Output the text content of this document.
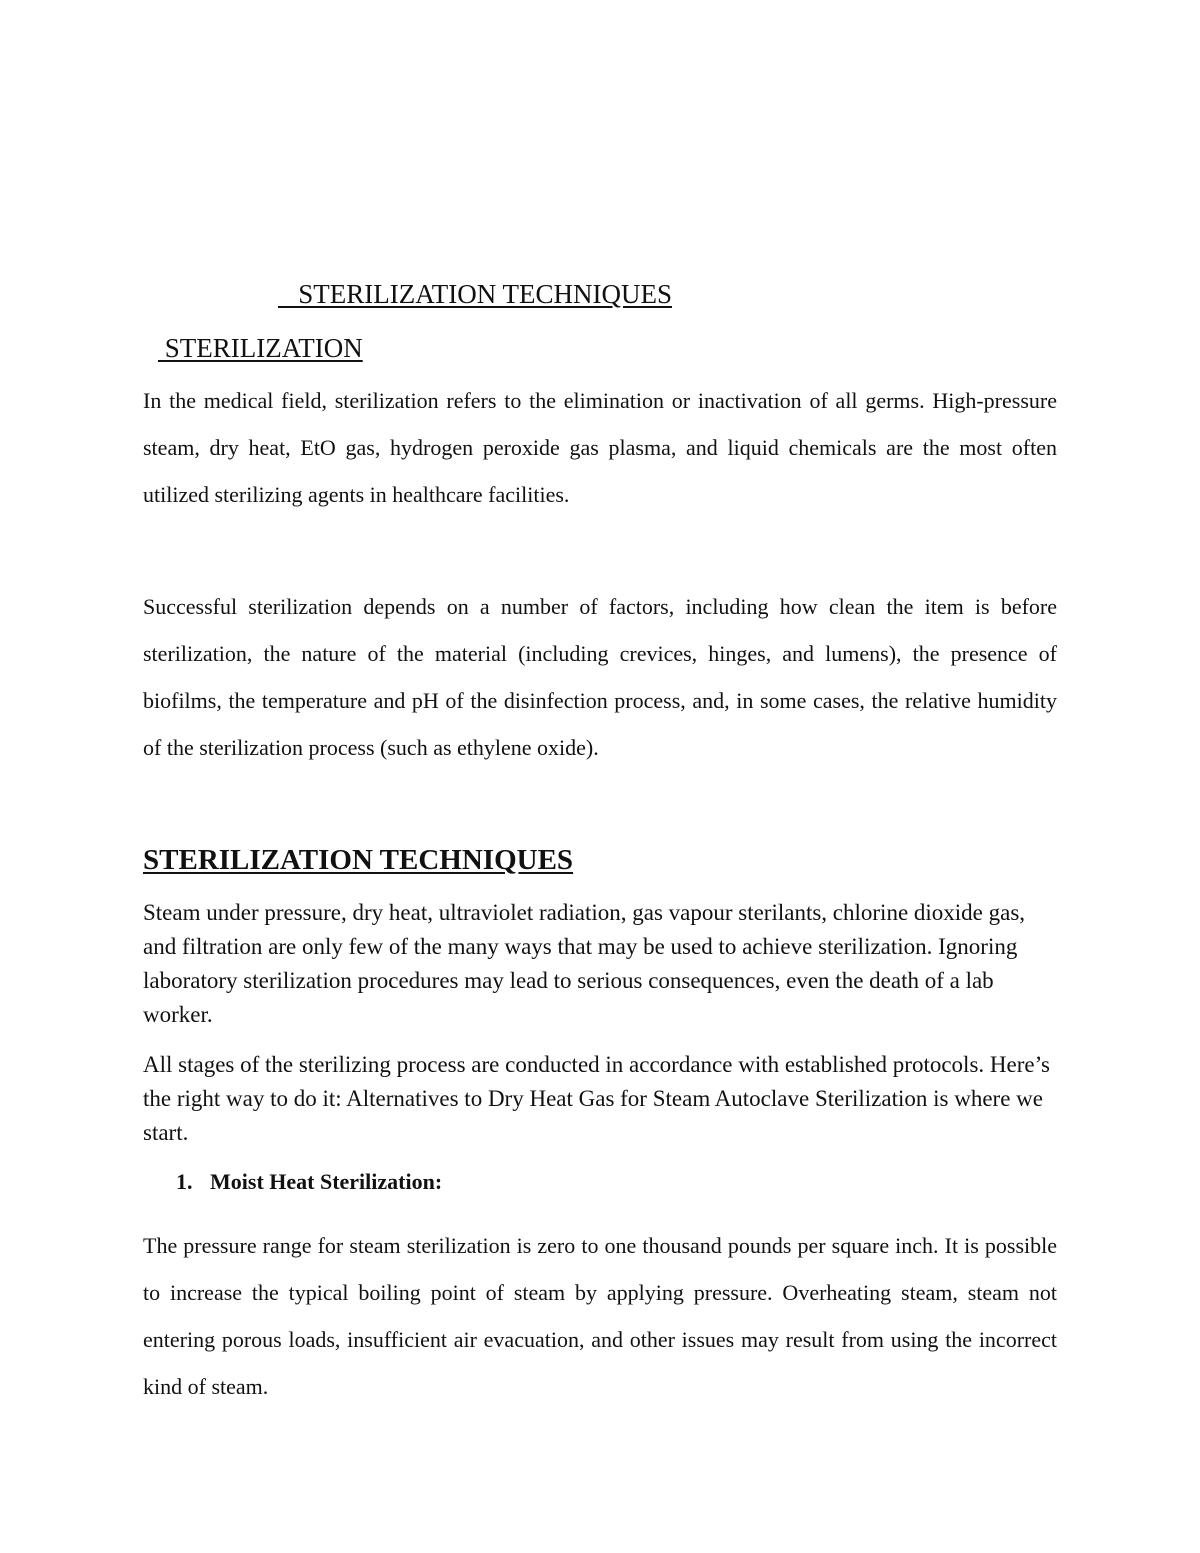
STERILIZATION TECHNIQUES
STERILIZATION

In the medical field, sterilization refers to the elimination or inactivation of all germs. High-pressure steam, dry heat, EtO gas, hydrogen peroxide gas plasma, and liquid chemicals are the most often utilized sterilizing agents in healthcare facilities.

Successful sterilization depends on a number of factors, including how clean the item is before sterilization, the nature of the material (including crevices, hinges, and lumens), the presence of biofilms, the temperature and pH of the disinfection process, and, in some cases, the relative humidity of the sterilization process (such as ethylene oxide).

STERILIZATION TECHNIQUES

Steam under pressure, dry heat, ultraviolet radiation, gas vapour sterilants, chlorine dioxide gas, and filtration are only few of the many ways that may be used to achieve sterilization. Ignoring laboratory sterilization procedures may lead to serious consequences, even the death of a lab worker.

All stages of the sterilizing process are conducted in accordance with established protocols. Here’s the right way to do it: Alternatives to Dry Heat Gas for Steam Autoclave Sterilization is where we start.

1. Moist Heat Sterilization:

The pressure range for steam sterilization is zero to one thousand pounds per square inch. It is possible to increase the typical boiling point of steam by applying pressure. Overheating steam, steam not entering porous loads, insufficient air evacuation, and other issues may result from using the incorrect kind of steam.
